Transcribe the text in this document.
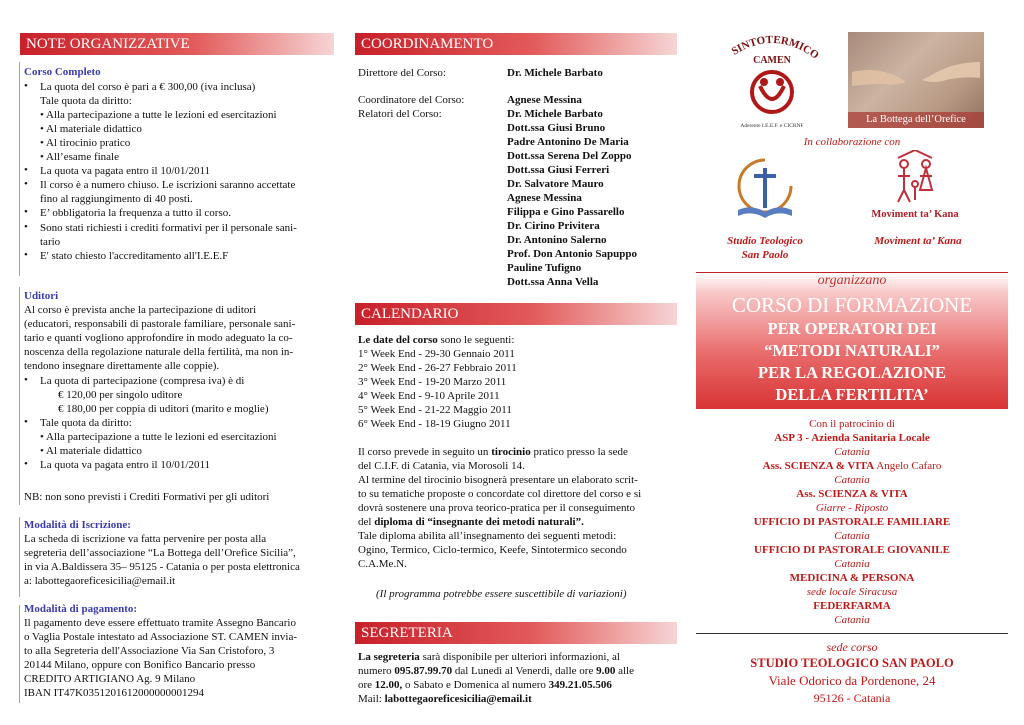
NOTE ORGANIZZATIVE
Corso Completo
• La quota del corso è pari a € 300,00 (iva inclusa)
Tale quota da diritto:
• Alla partecipazione a tutte le lezioni ed esercitazioni
• Al materiale didattico
• Al tirocinio pratico
• All’esame finale
• La quota va pagata entro il 10/01/2011
• Il corso è a numero chiuso. Le iscrizioni saranno accettate
fino al raggiungimento di 40 posti.
• E’ obbligatoria la frequenza a tutto il corso.
• Sono stati richiesti i crediti formativi per il personale sani-
tario
• E' stato chiesto l'accreditamento all'I.E.E.F
Uditori
Al corso è prevista anche la partecipazione di uditori
(educatori, responsabili di pastorale familiare, personale sani-
tario e quanti vogliono approfondire in modo adeguato la co-
noscenza della regolazione naturale della fertilità, ma non in-
tendono insegnare direttamente alle coppie).
• La quota di partecipazione (compresa iva) è di
€ 120,00 per singolo uditore
€ 180,00 per coppia di uditori (marito e moglie)
• Tale quota da diritto:
• Alla partecipazione a tutte le lezioni ed esercitazioni
• Al materiale didattico
• La quota va pagata entro il 10/01/2011
NB: non sono previsti i Crediti Formativi per gli uditori
Modalità di Iscrizione:
La scheda di iscrizione va fatta pervenire per posta alla
segreteria dell’associazione “La Bottega dell’Orefice Sicilia”,
in via A.Baldissera 35– 95125 - Catania o per posta elettronica
a: labottegaoreficesicilia@email.it
Modalità di pagamento:
Il pagamento deve essere effettuato tramite Assegno Bancario
o Vaglia Postale intestato ad Associazione ST. CAMEN invia-
to alla Segreteria dell'Associazione Via San Cristoforo, 3
20144 Milano, oppure con Bonifico Bancario presso
CREDITO ARTIGIANO Ag. 9 Milano
IBAN IT47K0351201612000000001294
COORDINAMENTO
Direttore del Corso:	Dr. Michele Barbato
Coordinatore del Corso:	Agnese Messina
Relatori del Corso:	Dr. Michele Barbato
Dott.ssa Giusi Bruno
Padre Antonino De Maria
Dott.ssa Serena Del Zoppo
Dott.ssa Giusi Ferreri
Dr. Salvatore Mauro
Agnese Messina
Filippa e Gino Passarello
Dr. Cirino Privitera
Dr. Antonino Salerno
Prof. Don Antonio Sapuppo
Pauline Tufigno
Dott.ssa Anna Vella
CALENDARIO
Le date del corso sono le seguenti:
1° Week End - 29-30 Gennaio 2011
2° Week End - 26-27 Febbraio 2011
3° Week End - 19-20 Marzo 2011
4° Week End - 9-10 Aprile 2011
5° Week End - 21-22 Maggio 2011
6° Week End - 18-19 Giugno 2011
Il corso prevede in seguito un tirocinio pratico presso la sede
del C.I.F. di Catania, via Morosoli 14.
Al termine del tirocinio bisognerà presentare un elaborato scrit-
to su tematiche proposte o concordate col direttore del corso e si
dovrà sostenere una prova teorico-pratica per il conseguimento
del diploma di “insegnante dei metodi naturali”.
Tale diploma abilita all’insegnamento dei seguenti metodi:
Ogino, Termico, Ciclo-termico, Keefe, Sintotermico secondo
C.A.Me.N.
(Il programma potrebbe essere suscettibile di variazioni)
SEGRETERIA
La segreteria sarà disponibile per ulteriori informazioni, al
numero 095.87.99.70 dal Lunedì al Venerdì, dalle ore 9.00 alle
ore 12.00, o Sabato e Domenica al numero 349.21.05.506
Mail: labottegaoreficesicilia@email.it
SINTOTERMICO
CAMEN
Aderente I.E.E.F. e CICRNF
La Bottega dell’Orefice
In collaborazione con
Moviment ta’ Kana
Studio Teologico
San Paolo
Moviment ta’ Kana
organizzano
CORSO DI FORMAZIONE
PER OPERATORI DEI
“METODI NATURALI”
PER LA REGOLAZIONE
DELLA FERTILITA’
Con il patrocinio di
ASP 3 - Azienda Sanitaria Locale
Catania
Ass. SCIENZA & VITA Angelo Cafaro
Catania
Ass. SCIENZA & VITA
Giarre - Riposto
UFFICIO DI PASTORALE FAMILIARE
Catania
UFFICIO DI PASTORALE GIOVANILE
Catania
MEDICINA & PERSONA
sede locale Siracusa
FEDERFARMA
Catania
sede corso
STUDIO TEOLOGICO SAN PAOLO
Viale Odorico da Pordenone, 24
95126 - Catania
